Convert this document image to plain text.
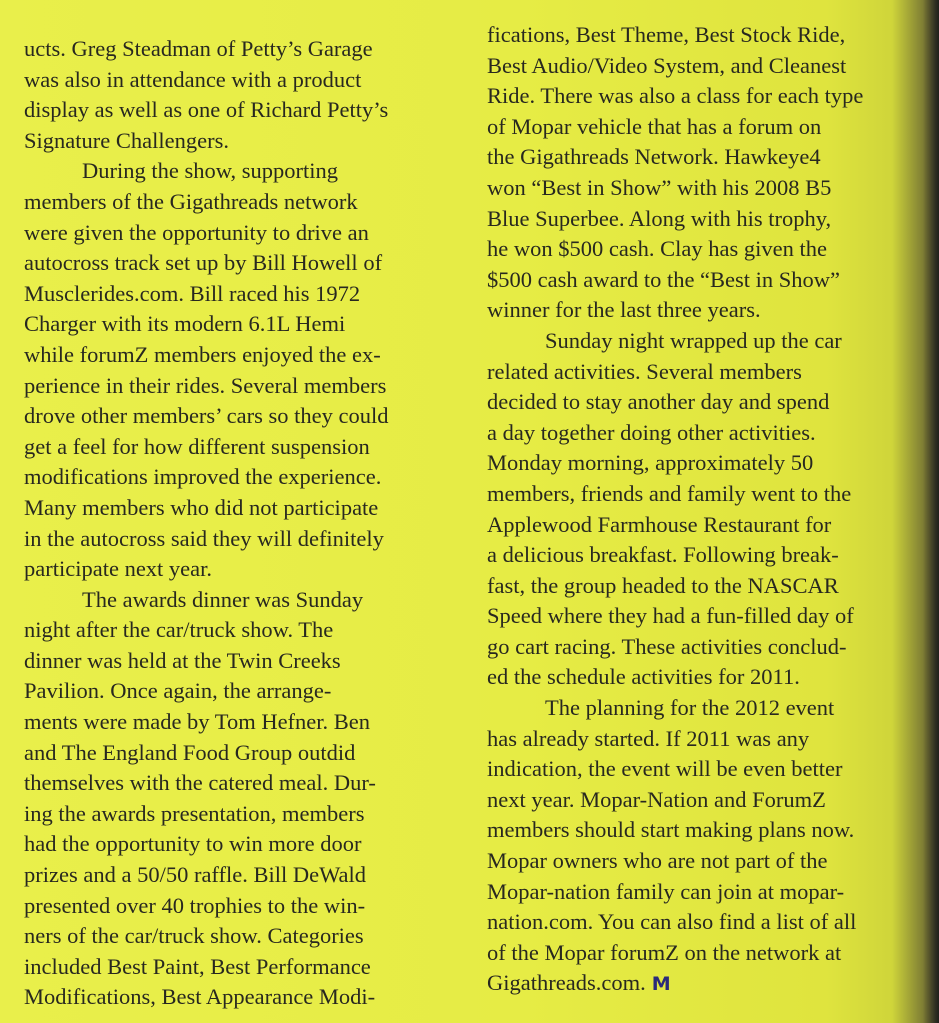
ucts. Greg Steadman of Petty’s Garage
was also in attendance with a product
display as well as one of Richard Petty’s
Signature Challengers.
During the show, supporting
members of the Gigathreads network
were given the opportunity to drive an
autocross track set up by Bill Howell of
Musclerides.com. Bill raced his 1972
Charger with its modern 6.1L Hemi
while forumZ members enjoyed the ex-
perience in their rides. Several members
drove other members’ cars so they could
get a feel for how different suspension
modifications improved the experience.
Many members who did not participate
in the autocross said they will definitely
participate next year.
The awards dinner was Sunday
night after the car/truck show. The
dinner was held at the Twin Creeks
Pavilion. Once again, the arrange-
ments were made by Tom Hefner. Ben
and The England Food Group outdid
themselves with the catered meal. Dur-
ing the awards presentation, members
had the opportunity to win more door
prizes and a 50/50 raffle. Bill DeWald
presented over 40 trophies to the win-
ners of the car/truck show. Categories
included Best Paint, Best Performance
Modifications, Best Appearance Modi-
fications, Best Theme, Best Stock Ride,
Best Audio/Video System, and Cleanest
Ride. There was also a class for each type
of Mopar vehicle that has a forum on
the Gigathreads Network. Hawkeye4
won “Best in Show” with his 2008 B5
Blue Superbee. Along with his trophy,
he won $500 cash. Clay has given the
$500 cash award to the “Best in Show”
winner for the last three years.
Sunday night wrapped up the car
related activities. Several members
decided to stay another day and spend
a day together doing other activities.
Monday morning, approximately 50
members, friends and family went to the
Applewood Farmhouse Restaurant for
a delicious breakfast. Following break-
fast, the group headed to the NASCAR
Speed where they had a fun-filled day of
go cart racing. These activities conclud-
ed the schedule activities for 2011.
The planning for the 2012 event
has already started. If 2011 was any
indication, the event will be even better
next year. Mopar-Nation and ForumZ
members should start making plans now.
Mopar owners who are not part of the
Mopar-nation family can join at mopar-
nation.com. You can also find a list of all
of the Mopar forumZ on the network at
Gigathreads.com. M
